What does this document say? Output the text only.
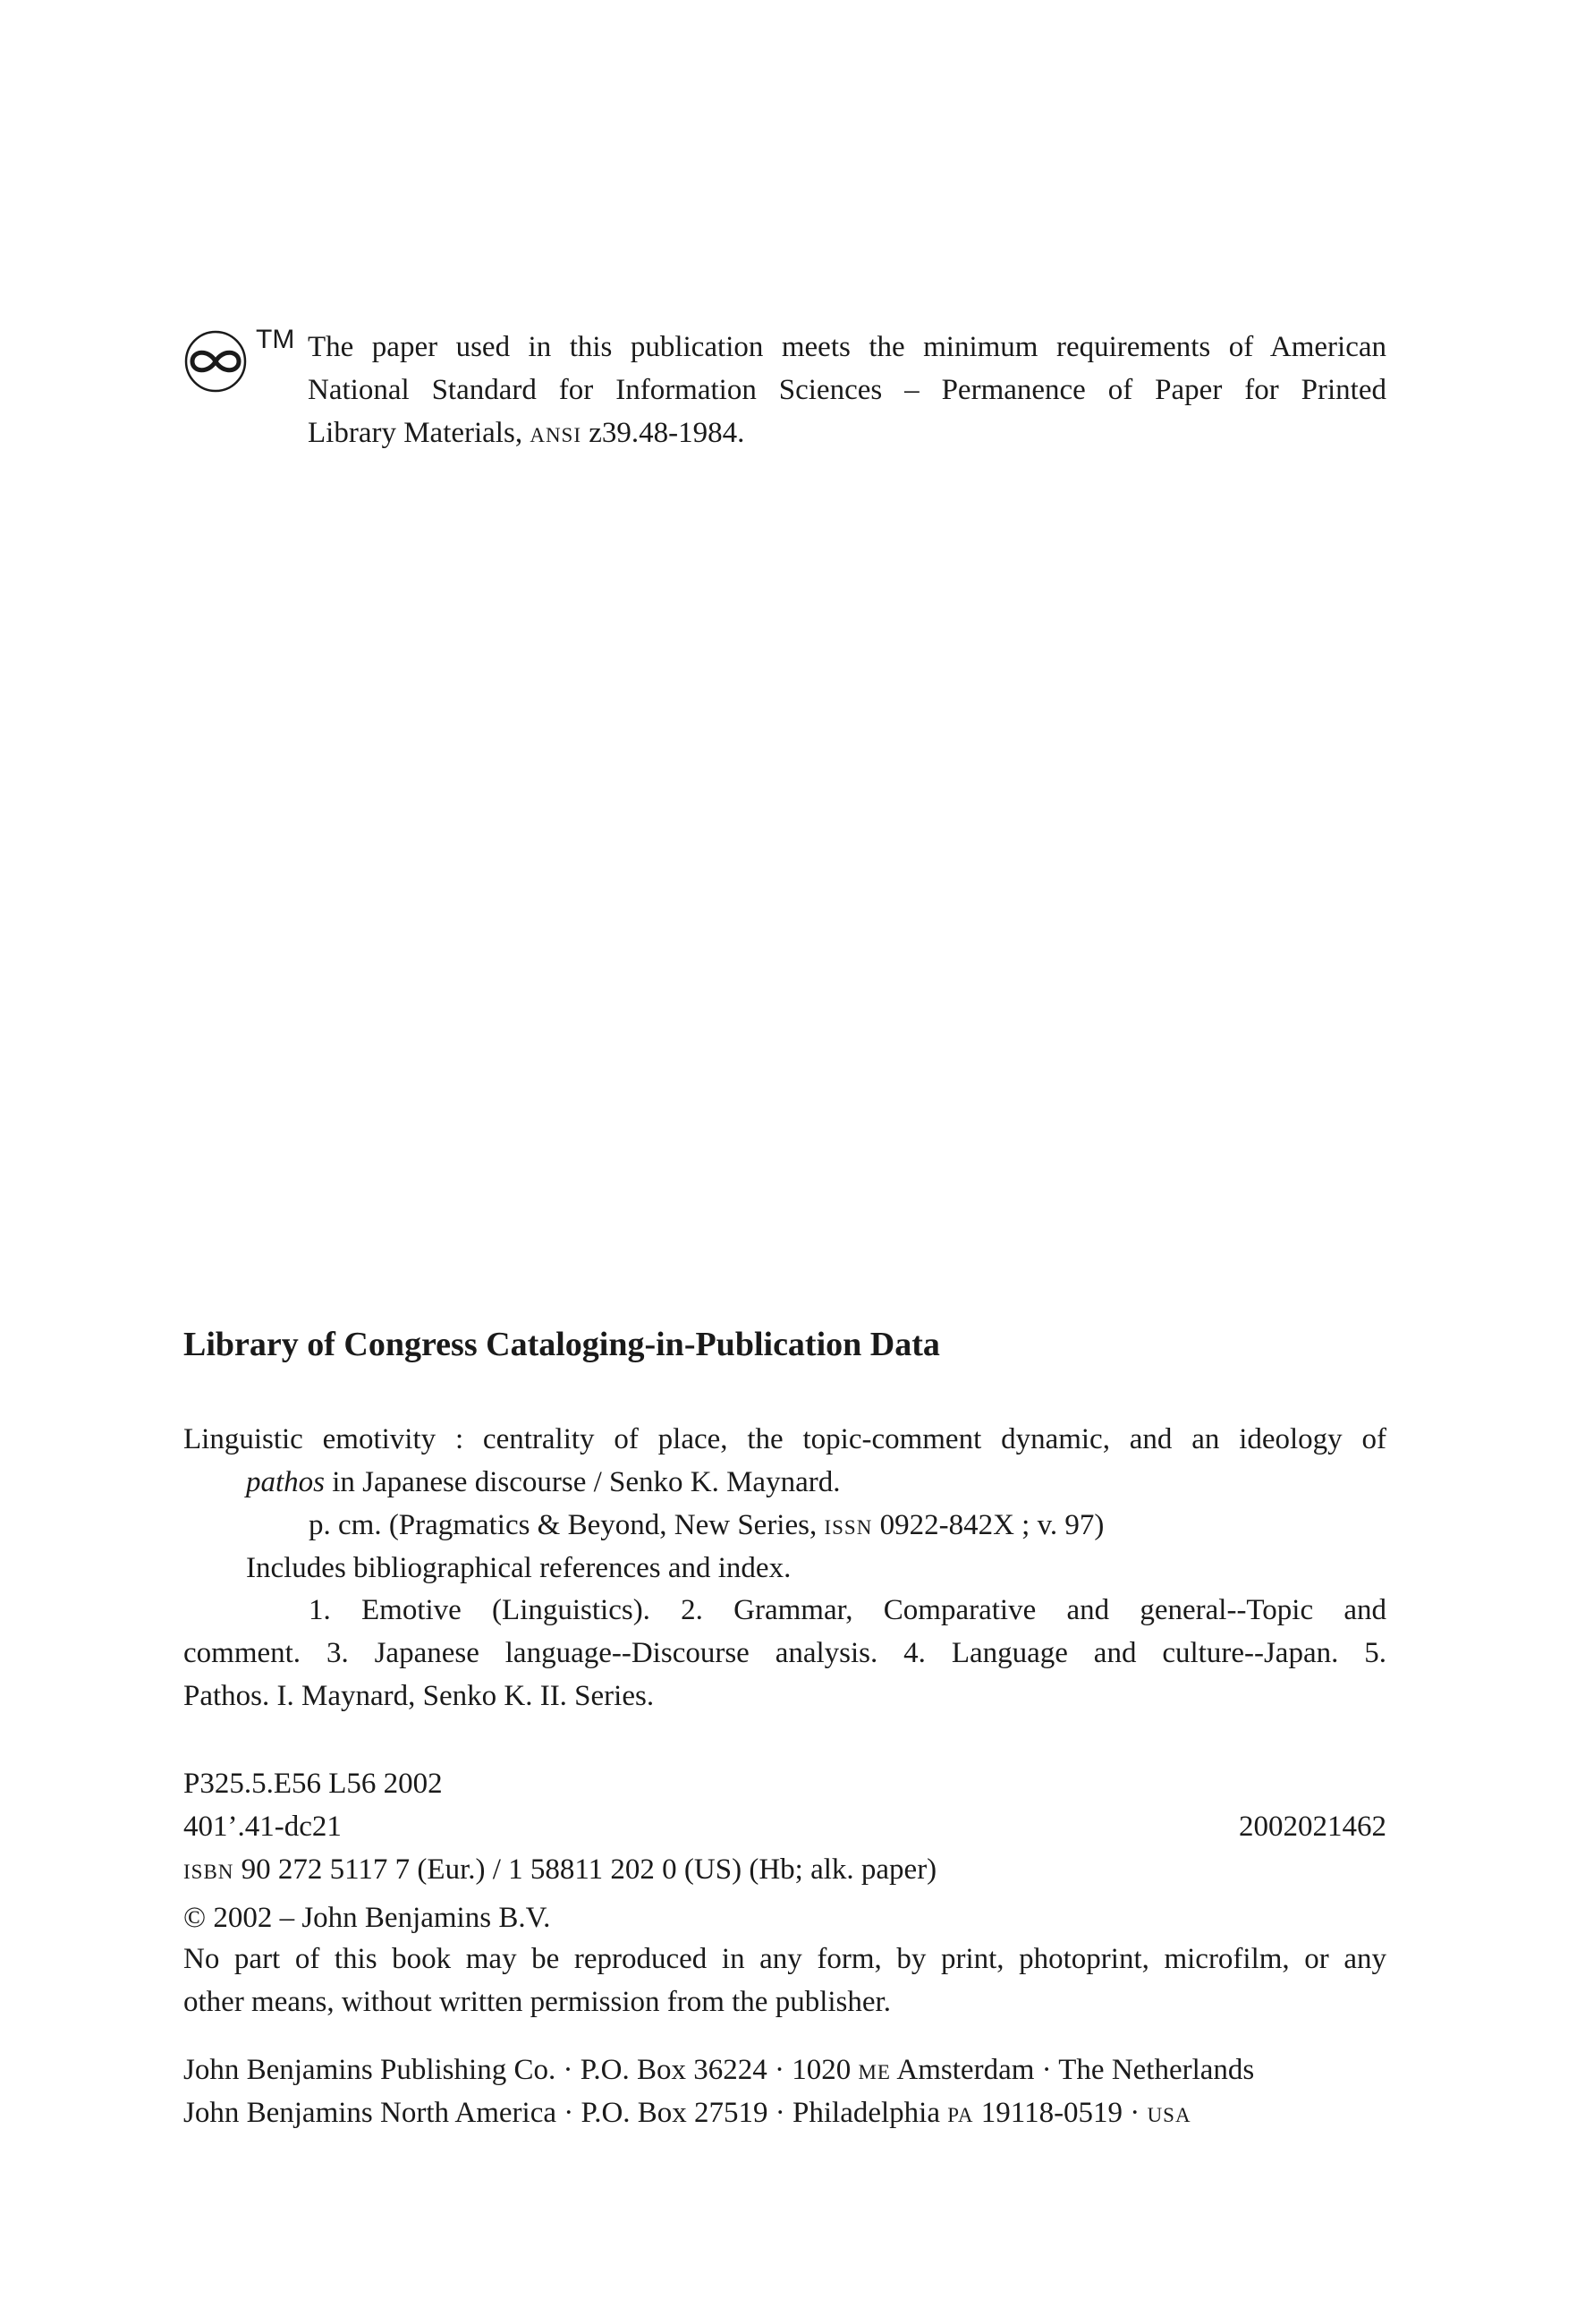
TM The paper used in this publication meets the minimum requirements of American
National Standard for Information Sciences – Permanence of Paper for Printed
Library Materials, ansi z39.48-1984.
Library of Congress Cataloging-in-Publication Data
Linguistic emotivity : centrality of place, the topic-comment dynamic, and an ideology of
pathos in Japanese discourse / Senko K. Maynard.
p. cm. (Pragmatics & Beyond, New Series, issn 0922-842X ; v. 97)
Includes bibliographical references and index.
1. Emotive (Linguistics). 2. Grammar, Comparative and general--Topic and
comment. 3. Japanese language--Discourse analysis. 4. Language and culture--Japan. 5.
Pathos. I. Maynard, Senko K. II. Series.
P325.5.E56 L56 2002
401’.41-dc21	2002021462
isbn 90 272 5117 7 (Eur.) / 1 58811 202 0 (US) (Hb; alk. paper)
© 2002 – John Benjamins B.V.
No part of this book may be reproduced in any form, by print, photoprint, microfilm, or any
other means, without written permission from the publisher.
John Benjamins Publishing Co. · P.O. Box 36224 · 1020 me Amsterdam · The Netherlands
John Benjamins North America · P.O. Box 27519 · Philadelphia pa 19118-0519 · usa
